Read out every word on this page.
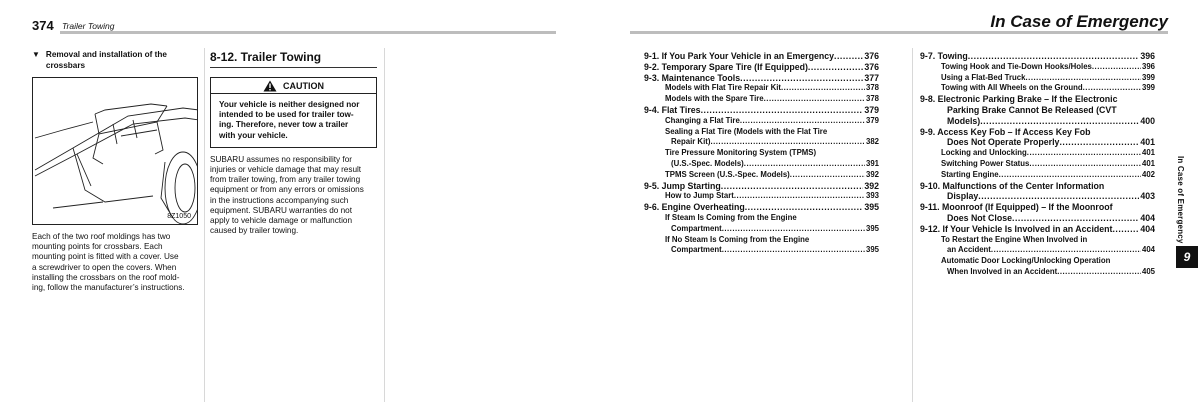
374 Trailer Towing
▼ Removal and installation of the
crossbars
8Z1050
Each of the two roof moldings has two
mounting points for crossbars. Each
mounting point is fitted with a cover. Use
a screwdriver to open the covers. When
installing the crossbars on the roof mold-
ing, follow the manufacturer’s instructions.
8-12. Trailer Towing
CAUTION
Your vehicle is neither designed nor
intended to be used for trailer tow-
ing. Therefore, never tow a trailer
with your vehicle.
SUBARU assumes no responsibility for
injuries or vehicle damage that may result
from trailer towing, from any trailer towing
equipment or from any errors or omissions
in the instructions accompanying such
equipment. SUBARU warranties do not
apply to vehicle damage or malfunction
caused by trailer towing.
In Case of Emergency
9-1. If You Park Your Vehicle in an Emergency .....	376
9-2. Temporary Spare Tire (If Equipped) .....	376
9-3. Maintenance Tools .....	377
Models with Flat Tire Repair Kit .....	378
Models with the Spare Tire .....	378
9-4. Flat Tires .....	379
Changing a Flat Tire .....	379
Sealing a Flat Tire (Models with the Flat Tire
Repair Kit) .....	382
Tire Pressure Monitoring System (TPMS)
(U.S.-Spec. Models) .....	391
TPMS Screen (U.S.-Spec. Models) .....	392
9-5. Jump Starting .....	392
How to Jump Start .....	393
9-6. Engine Overheating .....	395
If Steam Is Coming from the Engine
Compartment .....	395
If No Steam Is Coming from the Engine
Compartment .....	395
9-7. Towing .....	396
Towing Hook and Tie-Down Hooks/Holes .....	396
Using a Flat-Bed Truck .....	399
Towing with All Wheels on the Ground .....	399
9-8. Electronic Parking Brake – If the Electronic
Parking Brake Cannot Be Released (CVT
Models) .....	400
9-9. Access Key Fob – If Access Key Fob
Does Not Operate Properly .....	401
Locking and Unlocking .....	401
Switching Power Status .....	401
Starting Engine .....	402
9-10. Malfunctions of the Center Information
Display .....	403
9-11. Moonroof (If Equipped) – If the Moonroof
Does Not Close .....	404
9-12. If Your Vehicle Is Involved in an Accident .....	404
To Restart the Engine When Involved in
an Accident .....	404
Automatic Door Locking/Unlocking Operation
When Involved in an Accident .....	405
In Case of Emergency
9
